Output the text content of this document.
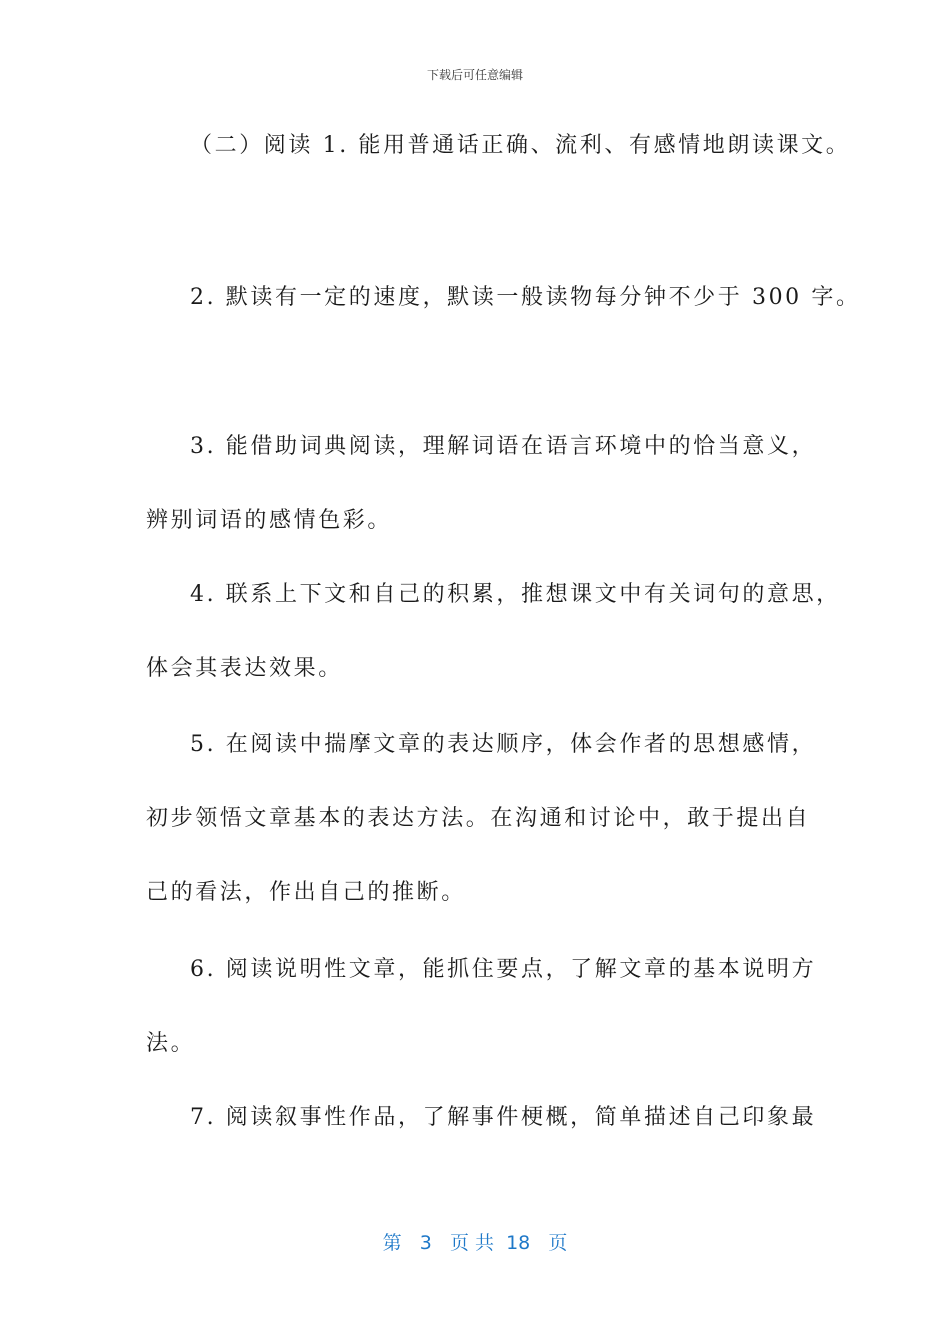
下载后可任意编辑
（二）阅读 1. 能用普通话正确、流利、有感情地朗读课文。
2. 默读有一定的速度，默读一般读物每分钟不少于 300 字。
3. 能借助词典阅读，理解词语在语言环境中的恰当意义，
辨别词语的感情色彩。
4. 联系上下文和自己的积累，推想课文中有关词句的意思，
体会其表达效果。
5. 在阅读中揣摩文章的表达顺序，体会作者的思想感情，
初步领悟文章基本的表达方法。在沟通和讨论中，敢于提出自
己的看法，作出自己的推断。
6. 阅读说明性文章，能抓住要点，了解文章的基本说明方
法。
7. 阅读叙事性作品，了解事件梗概，简单描述自己印象最
第 3 页 共 18 页
